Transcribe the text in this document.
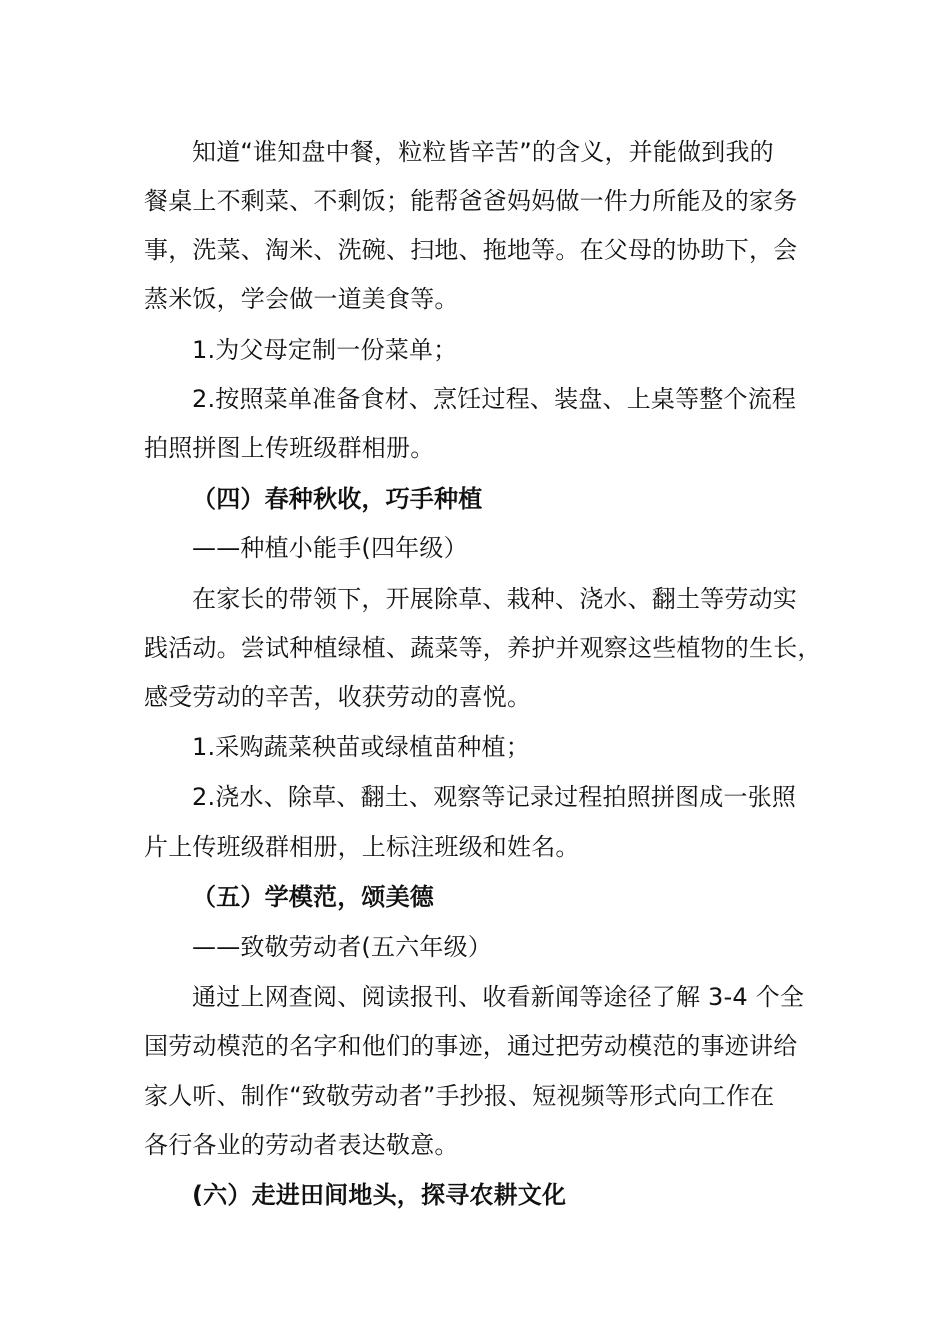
知道“谁知盘中餐，粒粒皆辛苦”的含义，并能做到我的
餐桌上不剩菜、不剩饭；能帮爸爸妈妈做一件力所能及的家务
事，洗菜、淘米、洗碗、扫地、拖地等。在父母的协助下，会
蒸米饭，学会做一道美食等。
1.为父母定制一份菜单；
2.按照菜单准备食材、烹饪过程、装盘、上桌等整个流程
拍照拼图上传班级群相册。
（四）春种秋收，巧手种植
——种植小能手(四年级）
在家长的带领下，开展除草、栽种、浇水、翻土等劳动实
践活动。尝试种植绿植、蔬菜等，养护并观察这些植物的生长，
感受劳动的辛苦，收获劳动的喜悦。
1.采购蔬菜秧苗或绿植苗种植；
2.浇水、除草、翻土、观察等记录过程拍照拼图成一张照
片上传班级群相册，上标注班级和姓名。
（五）学模范，颂美德
——致敬劳动者(五六年级）
通过上网查阅、阅读报刊、收看新闻等途径了解 3-4 个全
国劳动模范的名字和他们的事迹，通过把劳动模范的事迹讲给
家人听、制作“致敬劳动者”手抄报、短视频等形式向工作在
各行各业的劳动者表达敬意。
(六）走进田间地头，探寻农耕文化
